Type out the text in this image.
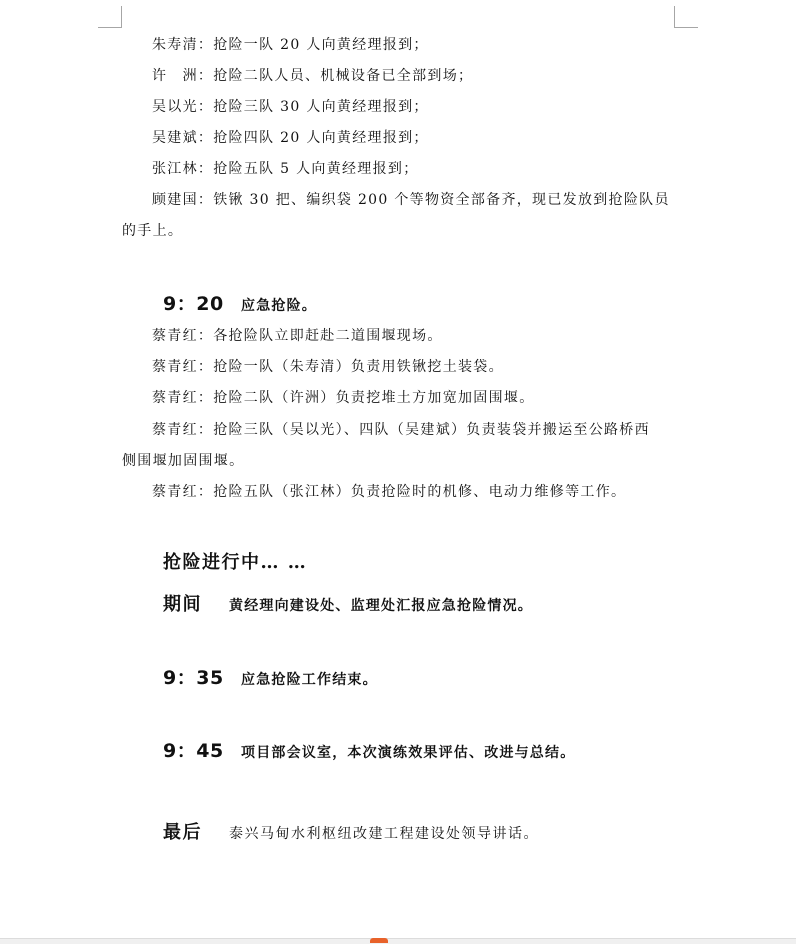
朱寿清：抢险一队 20 人向黄经理报到；
许　洲：抢险二队人员、机械设备已全部到场；
吴以光：抢险三队 30 人向黄经理报到；
吴建斌：抢险四队 20 人向黄经理报到；
张江林：抢险五队 5 人向黄经理报到；
顾建国：铁锹 30 把、编织袋 200 个等物资全部备齐，现已发放到抢险队员
的手上。
9：20 应急抢险。
蔡青红：各抢险队立即赶赴二道围堰现场。
蔡青红：抢险一队（朱寿清）负责用铁锹挖土装袋。
蔡青红：抢险二队（许洲）负责挖堆土方加宽加固围堰。
蔡青红：抢险三队（吴以光）、四队（吴建斌）负责装袋并搬运至公路桥西
侧围堰加固围堰。
蔡青红：抢险五队（张江林）负责抢险时的机修、电动力维修等工作。
抢险进行中… …
期间 黄经理向建设处、监理处汇报应急抢险情况。
9：35 应急抢险工作结束。
9：45 项目部会议室，本次演练效果评估、改进与总结。
最后 泰兴马甸水利枢纽改建工程建设处领导讲话。
